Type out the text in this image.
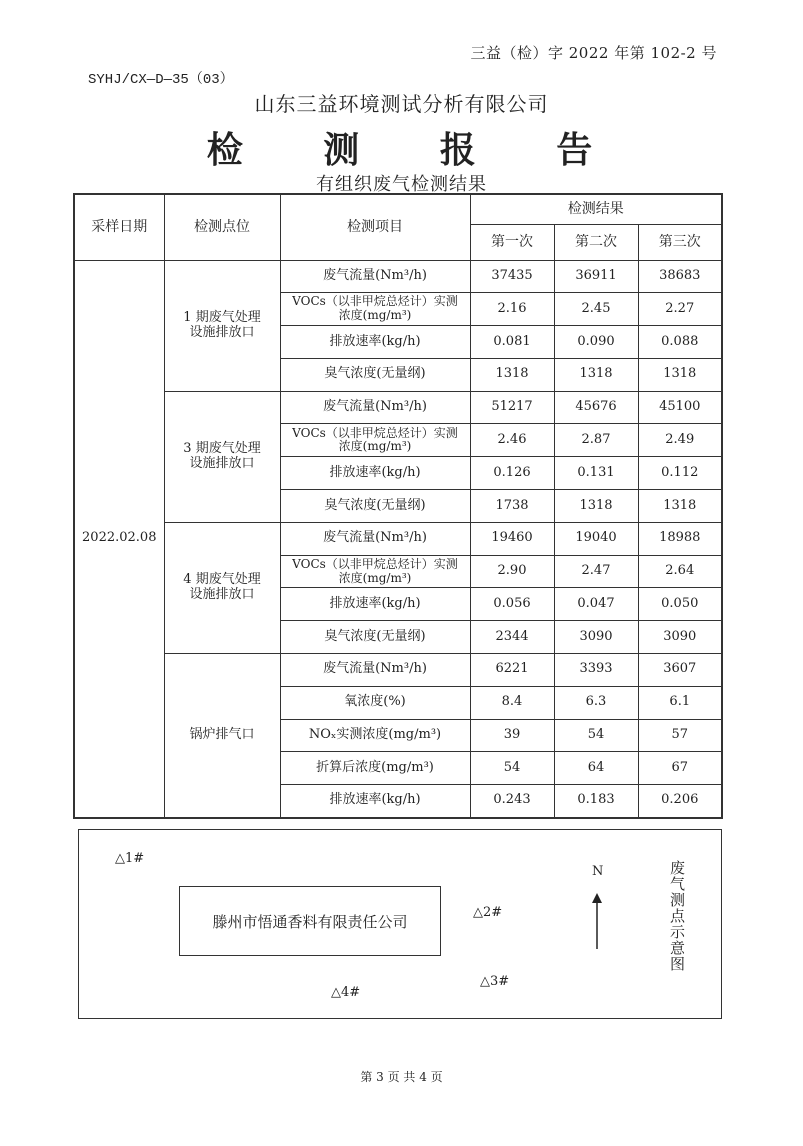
三益（检）字 2022 年第 102-2 号
SYHJ/CX—D—35（03）
山东三益环境测试分析有限公司
检 测 报 告
有组织废气检测结果
采样日期	检测点位	检测项目	检测结果		
			第一次	第二次	第三次
2022.02.08	1 期废气处理设施排放口	废气流量(Nm³/h)	37435	36911	38683
		VOCs（以非甲烷总烃计）实测浓度(mg/m³)	2.16	2.45	2.27
		排放速率(kg/h)	0.081	0.090	0.088
		臭气浓度(无量纲)	1318	1318	1318
	3 期废气处理设施排放口	废气流量(Nm³/h)	51217	45676	45100
		VOCs（以非甲烷总烃计）实测浓度(mg/m³)	2.46	2.87	2.49
		排放速率(kg/h)	0.126	0.131	0.112
		臭气浓度(无量纲)	1738	1318	1318
	4 期废气处理设施排放口	废气流量(Nm³/h)	19460	19040	18988
		VOCs（以非甲烷总烃计）实测浓度(mg/m³)	2.90	2.47	2.64
		排放速率(kg/h)	0.056	0.047	0.050
		臭气浓度(无量纲)	2344	3090	3090
	锅炉排气口	废气流量(Nm³/h)	6221	3393	3607
		氧浓度(%)	8.4	6.3	6.1
		NOₓ实测浓度(mg/m³)	39	54	57
		折算后浓度(mg/m³)	54	64	67
		排放速率(kg/h)	0.243	0.183	0.206
△1#
滕州市悟通香料有限责任公司	△2#
△3#
△4#
N	废气测点示意图
第 3 页 共 4 页
